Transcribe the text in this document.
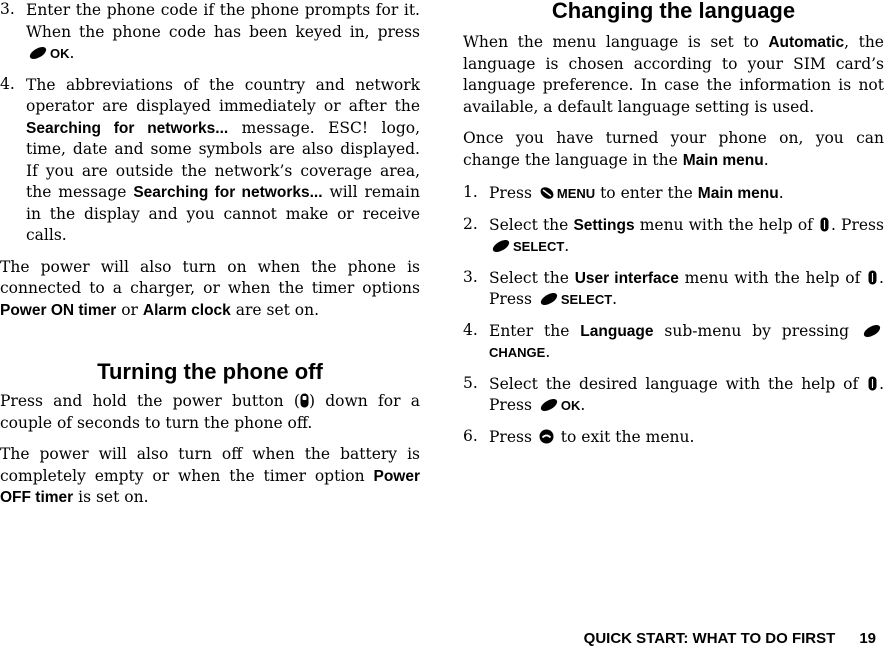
3. Enter the phone code if the phone prompts for it. When the phone code has been keyed in, press OK.

4. The abbreviations of the country and network operator are displayed immediately or after the Searching for networks... message. ESC! logo, time, date and some symbols are also displayed. If you are outside the network’s coverage area, the message Searching for networks... will remain in the display and you cannot make or receive calls.

The power will also turn on when the phone is connected to a charger, or when the timer options Power ON timer or Alarm clock are set on.

Turning the phone off

Press and hold the power button ( ) down for a couple of seconds to turn the phone off.

The power will also turn off when the battery is completely empty or when the timer option Power OFF timer is set on.

Changing the language

When the menu language is set to Automatic, the language is chosen according to your SIM card’s language preference. In case the information is not available, a default language setting is used.

Once you have turned your phone on, you can change the language in the Main menu.

1. Press MENU to enter the Main menu.

2. Select the Settings menu with the help of . Press SELECT.

3. Select the User interface menu with the help of . Press SELECT.

4. Enter the Language sub-menu by pressing  CHANGE.

5. Select the desired language with the help of . Press OK.

6. Press to exit the menu.

QUICK START: WHAT TO DO FIRST 19
